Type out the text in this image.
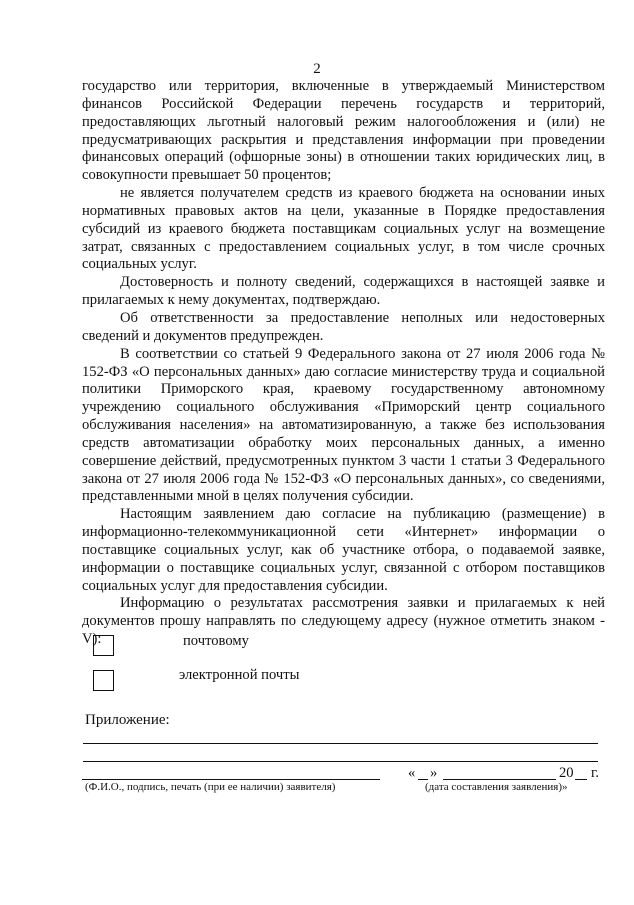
2

государство или территория, включенные в утверждаемый Министерством финансов Российской Федерации перечень государств и территорий, предоставляющих льготный налоговый режим налогообложения и (или) не предусматривающих раскрытия и представления информации при проведении финансовых операций (офшорные зоны) в отношении таких юридических лиц, в совокупности превышает 50 процентов;

не является получателем средств из краевого бюджета на основании иных нормативных правовых актов на цели, указанные в Порядке предоставления субсидий из краевого бюджета поставщикам социальных услуг на возмещение затрат, связанных с предоставлением социальных услуг, в том числе срочных социальных услуг.

Достоверность и полноту сведений, содержащихся в настоящей заявке и прилагаемых к нему документах, подтверждаю.

Об ответственности за предоставление неполных или недостоверных сведений и документов предупрежден.

В соответствии со статьей 9 Федерального закона от 27 июля 2006 года № 152-ФЗ «О персональных данных» даю согласие министерству труда и социальной политики Приморского края, краевому государственному автономному учреждению социального обслуживания «Приморский центр социального обслуживания населения» на автоматизированную, а также без использования средств автоматизации обработку моих персональных данных, а именно совершение действий, предусмотренных пунктом 3 части 1 статьи 3 Федерального закона от 27 июля 2006 года № 152-ФЗ «О персональных данных», со сведениями, представленными мной в целях получения субсидии.

Настоящим заявлением даю согласие на публикацию (размещение) в информационно-телекоммуникационной сети «Интернет» информации о поставщике социальных услуг, как об участнике отбора, о подаваемой заявке, информации о поставщике социальных услуг, связанной с отбором поставщиков социальных услуг для предоставления субсидии.

Информацию о результатах рассмотрения заявки и прилагаемых к ней документов прошу направлять по следующему адресу (нужное отметить знаком - V):	почтовому
электронной почты
Приложение:
« »	20 г.
(Ф.И.О., подпись, печать (при ее наличии) заявителя)	(дата составления заявления)»
